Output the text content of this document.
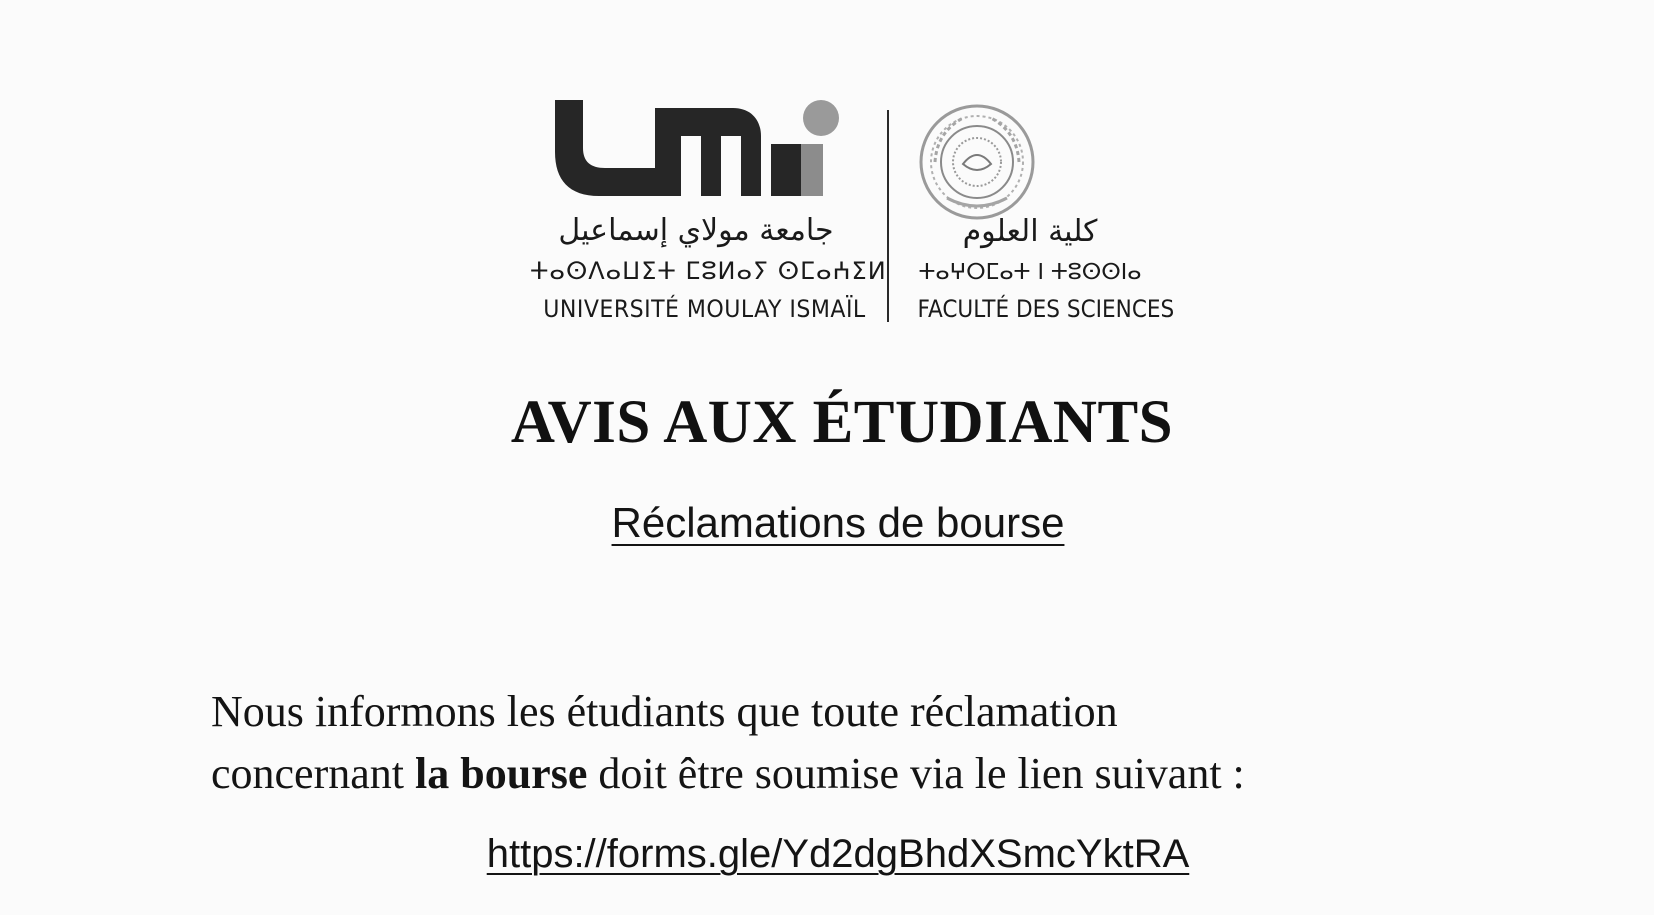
جامعة مولاي إسماعيل
ⵜⴰⵙⴷⴰⵡⵉⵜ ⵎⵓⵍⴰⵢ ⵙⵎⴰⵄⵉⵍ
UNIVERSITÉ MOULAY ISMAÏL
كلية العلوم
ⵜⴰⵖⵔⵎⴰⵜ ⵏ ⵜⵓⵙⵙⵏⴰ
FACULTÉ DES SCIENCES
AVIS AUX ÉTUDIANTS
Réclamations de bourse

Nous informons les étudiants que toute réclamation

concernant la bourse doit être soumise via le lien suivant :

https://forms.gle/Yd2dgBhdXSmcYktRA
